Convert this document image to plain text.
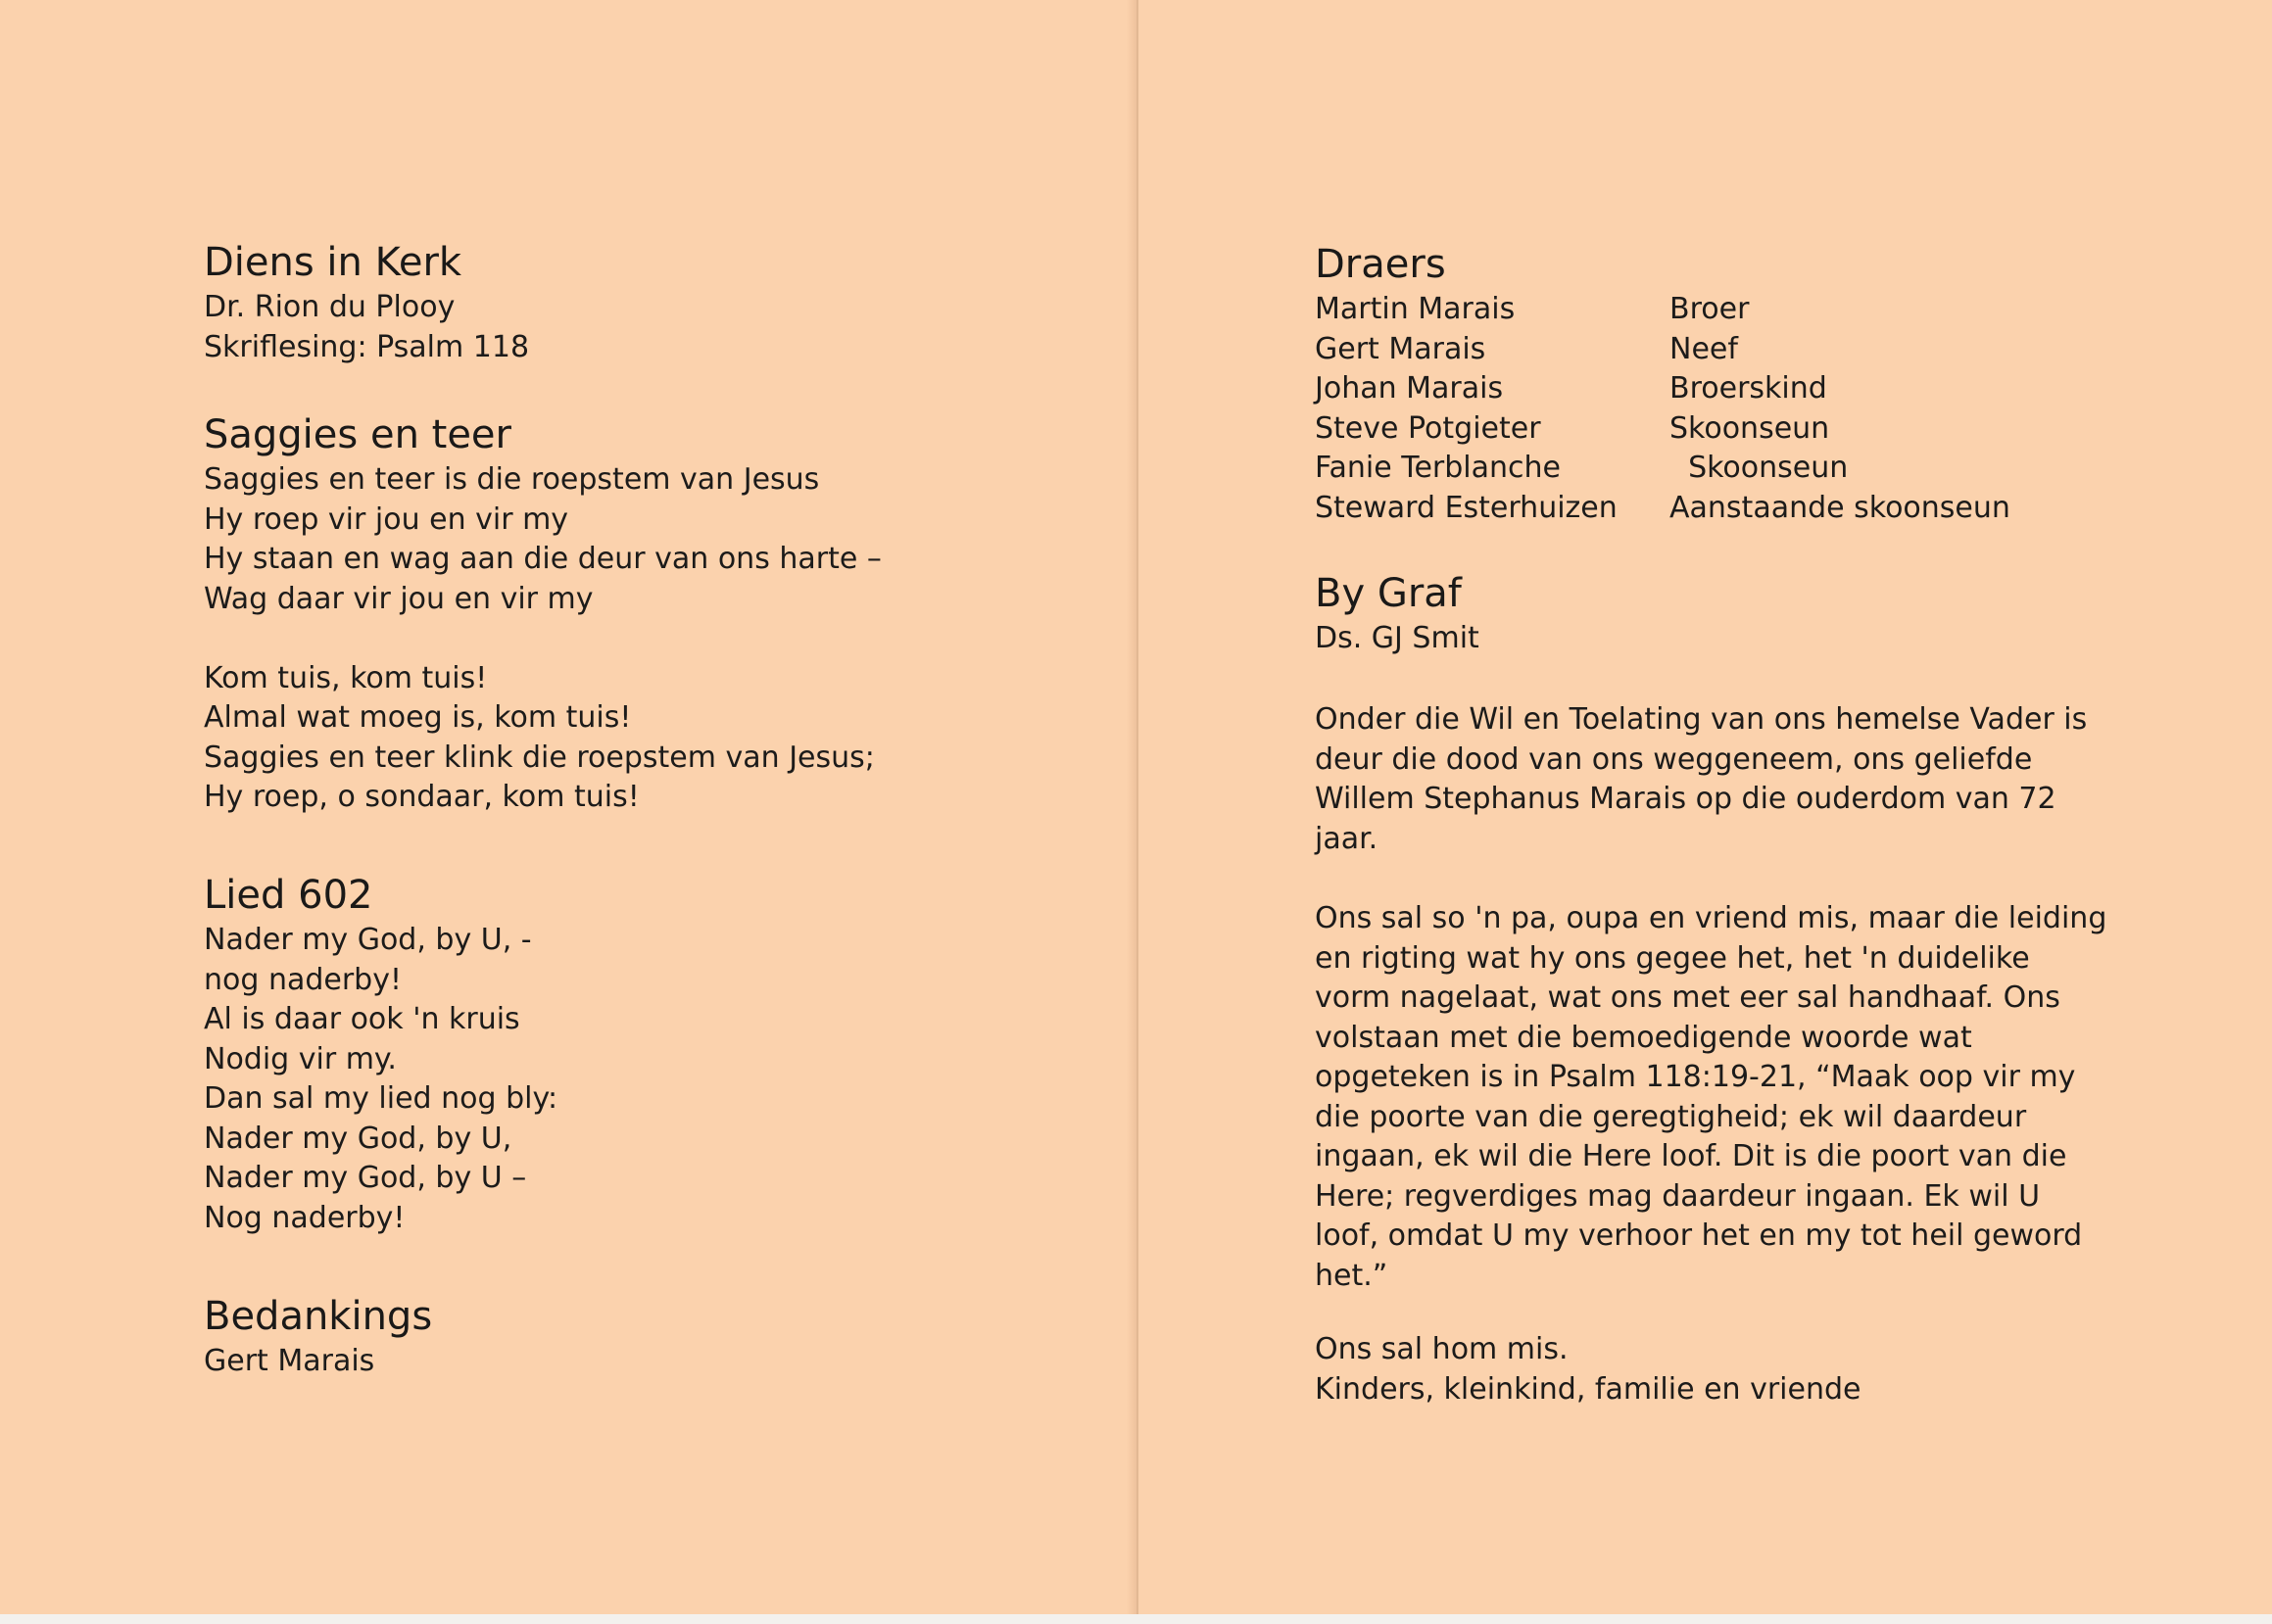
Diens in Kerk

Dr. Rion du Plooy

Skriflesing: Psalm 118

Saggies en teer

Saggies en teer is die roepstem van Jesus

Hy roep vir jou en vir my

Hy staan en wag aan die deur van ons harte –

Wag daar vir jou en vir my

Kom tuis, kom tuis!

Almal wat moeg is, kom tuis!

Saggies en teer klink die roepstem van Jesus;

Hy roep, o sondaar, kom tuis!

Lied 602

Nader my God, by U, -

nog naderby!

Al is daar ook 'n kruis

Nodig vir my.

Dan sal my lied nog bly:

Nader my God, by U,

Nader my God, by U –

Nog naderby!

Bedankings

Gert Marais

Draers
Martin Marais	Broer
Gert Marais	Neef
Johan Marais	Broerskind
Steve Potgieter	Skoonseun
Fanie Terblanche	Skoonseun
Steward Esterhuizen	Aanstaande skoonseun
By Graf

Ds. GJ Smit

Onder die Wil en Toelating van ons hemelse Vader is

deur die dood van ons weggeneem, ons geliefde

Willem Stephanus Marais op die ouderdom van 72

jaar.

Ons sal so 'n pa, oupa en vriend mis, maar die leiding

en rigting wat hy ons gegee het, het 'n duidelike

vorm nagelaat, wat ons met eer sal handhaaf. Ons

volstaan met die bemoedigende woorde wat

opgeteken is in Psalm 118:19-21, “Maak oop vir my

die poorte van die geregtigheid; ek wil daardeur

ingaan, ek wil die Here loof. Dit is die poort van die

Here; regverdiges mag daardeur ingaan. Ek wil U

loof, omdat U my verhoor het en my tot heil geword

het.”

Ons sal hom mis.

Kinders, kleinkind, familie en vriende
